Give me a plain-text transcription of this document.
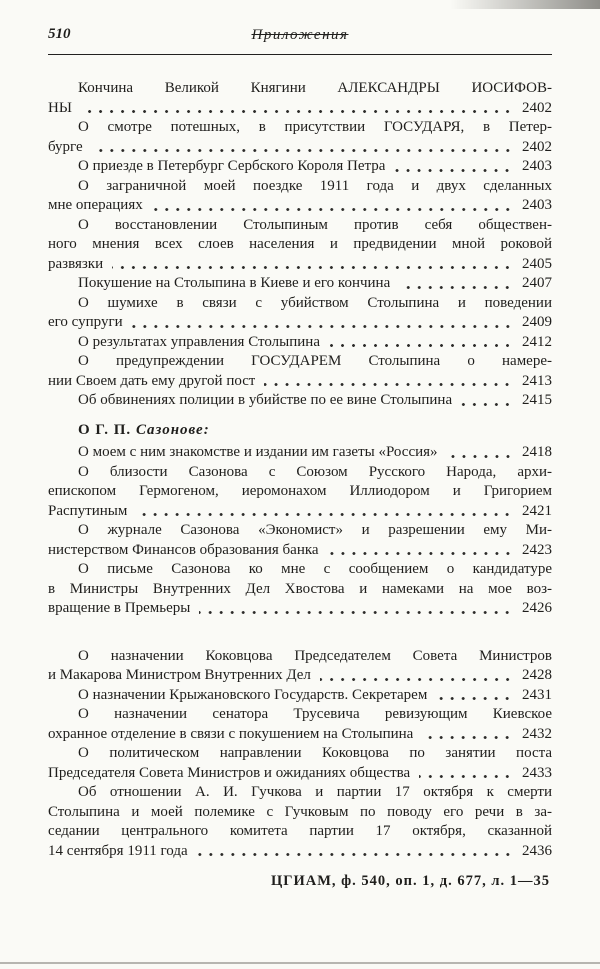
510	Приложения
Кончина Великой Княгини АЛЕКСАНДРЫ ИОСИФОВ-
НЫ	2402
О смотре потешных, в присутствии ГОСУДАРЯ, в Петер-
бурге	2402
О приезде в Петербург Сербского Короля Петра	2403
О заграничной моей поездке 1911 года и двух сделанных
мне операциях	2403
О восстановлении Столыпиным против себя обществен-
ного мнения всех слоев населения и предвидении мной роковой
развязки	2405
Покушение на Столыпина в Киеве и его кончина	2407
О шумихе в связи с убийством Столыпина и поведении
его супруги	2409
О результатах управления Столыпина	2412
О предупреждении ГОСУДАРЕМ Столыпина о намере-
нии Своем дать ему другой пост	2413
Об обвинениях полиции в убийстве по ее вине Столыпина	2415
О Г. П. Сазонове:
О моем с ним знакомстве и издании им газеты «Россия»	2418
О близости Сазонова с Союзом Русского Народа, архи-
епископом Гермогеном, иеромонахом Иллиодором и Григорием
Распутиным	2421
О журнале Сазонова «Экономист» и разрешении ему Ми-
нистерством Финансов образования банка	2423
О письме Сазонова ко мне с сообщением о кандидатуре
в Министры Внутренних Дел Хвостова и намеками на мое воз-
вращение в Премьеры	2426
О назначении Коковцова Председателем Совета Министров
и Макарова Министром Внутренних Дел	2428
О назначении Крыжановского Государств. Секретарем	2431
О назначении сенатора Трусевича ревизующим Киевское
охранное отделение в связи с покушением на Столыпина	2432
О политическом направлении Коковцова по занятии поста
Председателя Совета Министров и ожиданиях общества	2433
Об отношении А. И. Гучкова и партии 17 октября к смерти
Столыпина и моей полемике с Гучковым по поводу его речи в за-
седании центрального комитета партии 17 октября, сказанной
14 сентября 1911 года	2436
ЦГИАМ, ф. 540, оп. 1, д. 677, л. 1—35
